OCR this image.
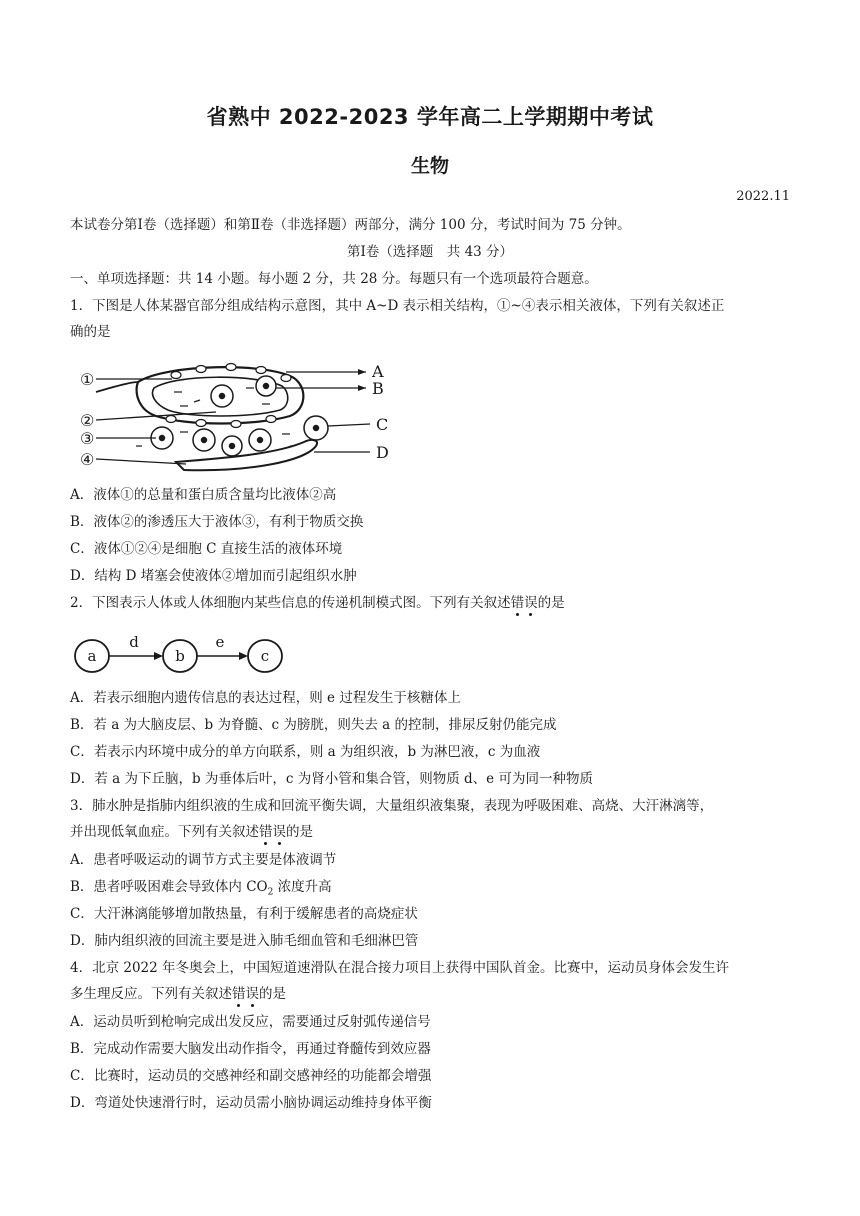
省熟中 2022-2023 学年高二上学期期中考试
生物
2022.11
本试卷分第Ⅰ卷（选择题）和第Ⅱ卷（非选择题）两部分，满分 100 分，考试时间为 75 分钟。
第Ⅰ卷（选择题　共 43 分）
一、单项选择题：共 14 小题。每小题 2 分，共 28 分。每题只有一个选项最符合题意。
1．下图是人体某器官部分组成结构示意图，其中 A~D 表示相关结构，①~④表示相关液体，下列有关叙述正
确的是
①
②
③
④
A
B
C
D
A．液体①的总量和蛋白质含量均比液体②高
B．液体②的渗透压大于液体③，有利于物质交换
C．液体①②④是细胞 C 直接生活的液体环境
D．结构 D 堵塞会使液体②增加而引起组织水肿
2．下图表示人体或人体细胞内某些信息的传递机制模式图。下列有关叙述错误的是
a	b	c
d	e
A．若表示细胞内遗传信息的表达过程，则 e 过程发生于核糖体上
B．若 a 为大脑皮层、b 为脊髓、c 为膀胱，则失去 a 的控制，排尿反射仍能完成
C．若表示内环境中成分的单方向联系，则 a 为组织液，b 为淋巴液，c 为血液
D．若 a 为下丘脑，b 为垂体后叶，c 为肾小管和集合管，则物质 d、e 可为同一种物质
3．肺水肿是指肺内组织液的生成和回流平衡失调，大量组织液集聚，表现为呼吸困难、高烧、大汗淋漓等，
并出现低氧血症。下列有关叙述错误的是
A．患者呼吸运动的调节方式主要是体液调节
B．患者呼吸困难会导致体内 $CO_2$ 浓度升高
C．大汗淋漓能够增加散热量，有利于缓解患者的高烧症状
D．肺内组织液的回流主要是进入肺毛细血管和毛细淋巴管
4．北京 2022 年冬奥会上，中国短道速滑队在混合接力项目上获得中国队首金。比赛中，运动员身体会发生许
多生理反应。下列有关叙述错误的是
A．运动员听到枪响完成出发反应，需要通过反射弧传递信号
B．完成动作需要大脑发出动作指令，再通过脊髓传到效应器
C．比赛时，运动员的交感神经和副交感神经的功能都会增强
D．弯道处快速滑行时，运动员需小脑协调运动维持身体平衡
